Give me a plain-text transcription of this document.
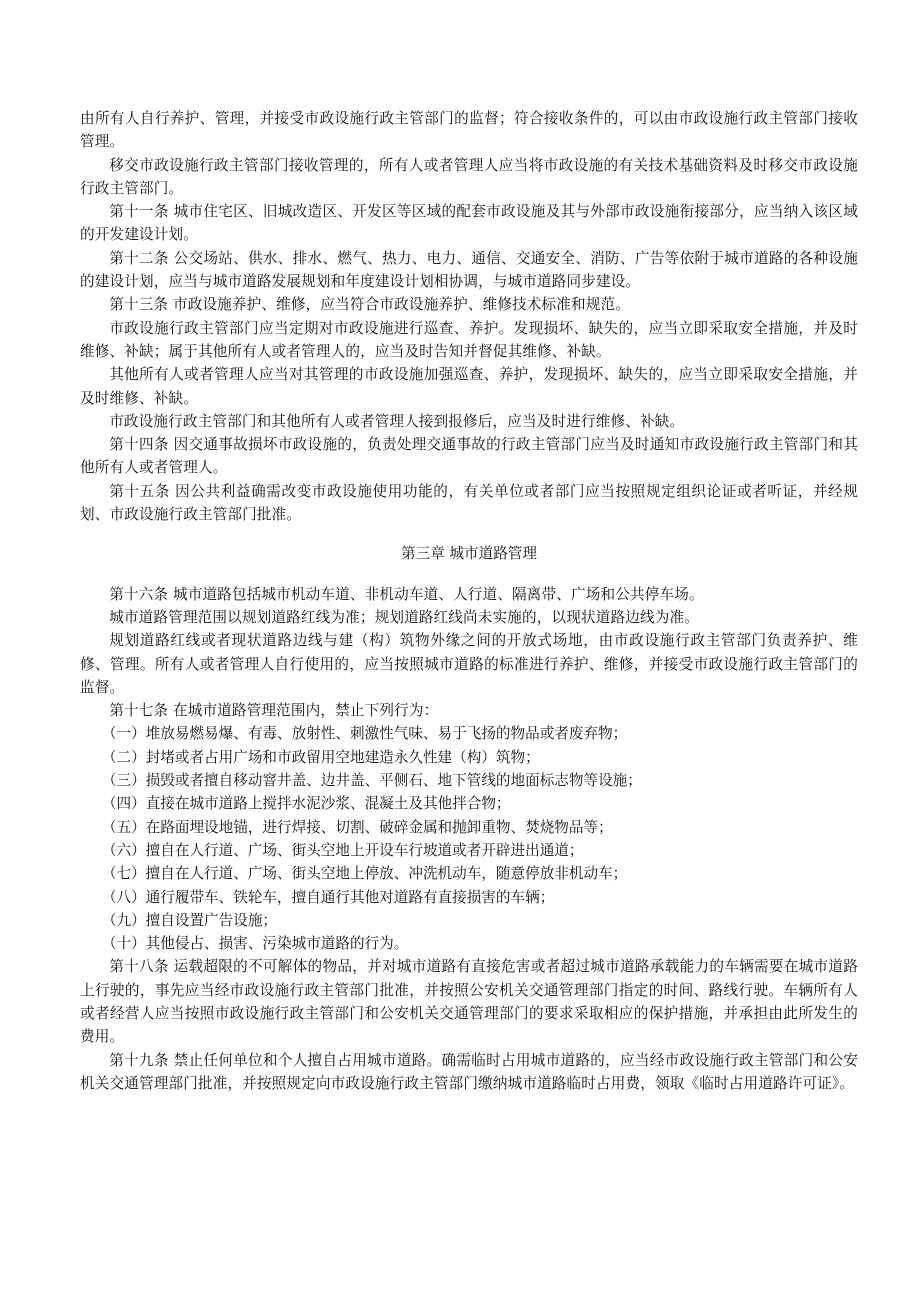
由所有人自行养护、管理，并接受市政设施行政主管部门的监督；符合接收条件的，可以由市政设施行政主管部门接收管理。

移交市政设施行政主管部门接收管理的，所有人或者管理人应当将市政设施的有关技术基础资料及时移交市政设施行政主管部门。

第十一条 城市住宅区、旧城改造区、开发区等区域的配套市政设施及其与外部市政设施衔接部分，应当纳入该区域的开发建设计划。

第十二条 公交场站、供水、排水、燃气、热力、电力、通信、交通安全、消防、广告等依附于城市道路的各种设施的建设计划，应当与城市道路发展规划和年度建设计划相协调，与城市道路同步建设。

第十三条 市政设施养护、维修，应当符合市政设施养护、维修技术标准和规范。

市政设施行政主管部门应当定期对市政设施进行巡查、养护。发现损坏、缺失的，应当立即采取安全措施，并及时维修、补缺；属于其他所有人或者管理人的，应当及时告知并督促其维修、补缺。

其他所有人或者管理人应当对其管理的市政设施加强巡查、养护，发现损坏、缺失的，应当立即采取安全措施，并及时维修、补缺。

市政设施行政主管部门和其他所有人或者管理人接到报修后，应当及时进行维修、补缺。

第十四条 因交通事故损坏市政设施的，负责处理交通事故的行政主管部门应当及时通知市政设施行政主管部门和其他所有人或者管理人。

第十五条 因公共利益确需改变市政设施使用功能的，有关单位或者部门应当按照规定组织论证或者听证，并经规划、市政设施行政主管部门批准。

第三章 城市道路管理

第十六条 城市道路包括城市机动车道、非机动车道、人行道、隔离带、广场和公共停车场。

城市道路管理范围以规划道路红线为准；规划道路红线尚未实施的，以现状道路边线为准。

规划道路红线或者现状道路边线与建（构）筑物外缘之间的开放式场地，由市政设施行政主管部门负责养护、维修、管理。所有人或者管理人自行使用的，应当按照城市道路的标准进行养护、维修，并接受市政设施行政主管部门的监督。

第十七条 在城市道路管理范围内，禁止下列行为：

（一）堆放易燃易爆、有毒、放射性、刺激性气味、易于飞扬的物品或者废弃物；

（二）封堵或者占用广场和市政留用空地建造永久性建（构）筑物；

（三）损毁或者擅自移动窨井盖、边井盖、平侧石、地下管线的地面标志物等设施；

（四）直接在城市道路上搅拌水泥沙浆、混凝土及其他拌合物；

（五）在路面埋设地锚，进行焊接、切割、破碎金属和抛卸重物、焚烧物品等；

（六）擅自在人行道、广场、街头空地上开设车行坡道或者开辟进出通道；

（七）擅自在人行道、广场、街头空地上停放、冲洗机动车，随意停放非机动车；

（八）通行履带车、铁轮车，擅自通行其他对道路有直接损害的车辆；

（九）擅自设置广告设施；

（十）其他侵占、损害、污染城市道路的行为。

第十八条 运载超限的不可解体的物品，并对城市道路有直接危害或者超过城市道路承载能力的车辆需要在城市道路上行驶的，事先应当经市政设施行政主管部门批准，并按照公安机关交通管理部门指定的时间、路线行驶。车辆所有人或者经营人应当按照市政设施行政主管部门和公安机关交通管理部门的要求采取相应的保护措施，并承担由此所发生的费用。

第十九条 禁止任何单位和个人擅自占用城市道路。确需临时占用城市道路的，应当经市政设施行政主管部门和公安机关交通管理部门批准，并按照规定向市政设施行政主管部门缴纳城市道路临时占用费，领取《临时占用道路许可证》。
